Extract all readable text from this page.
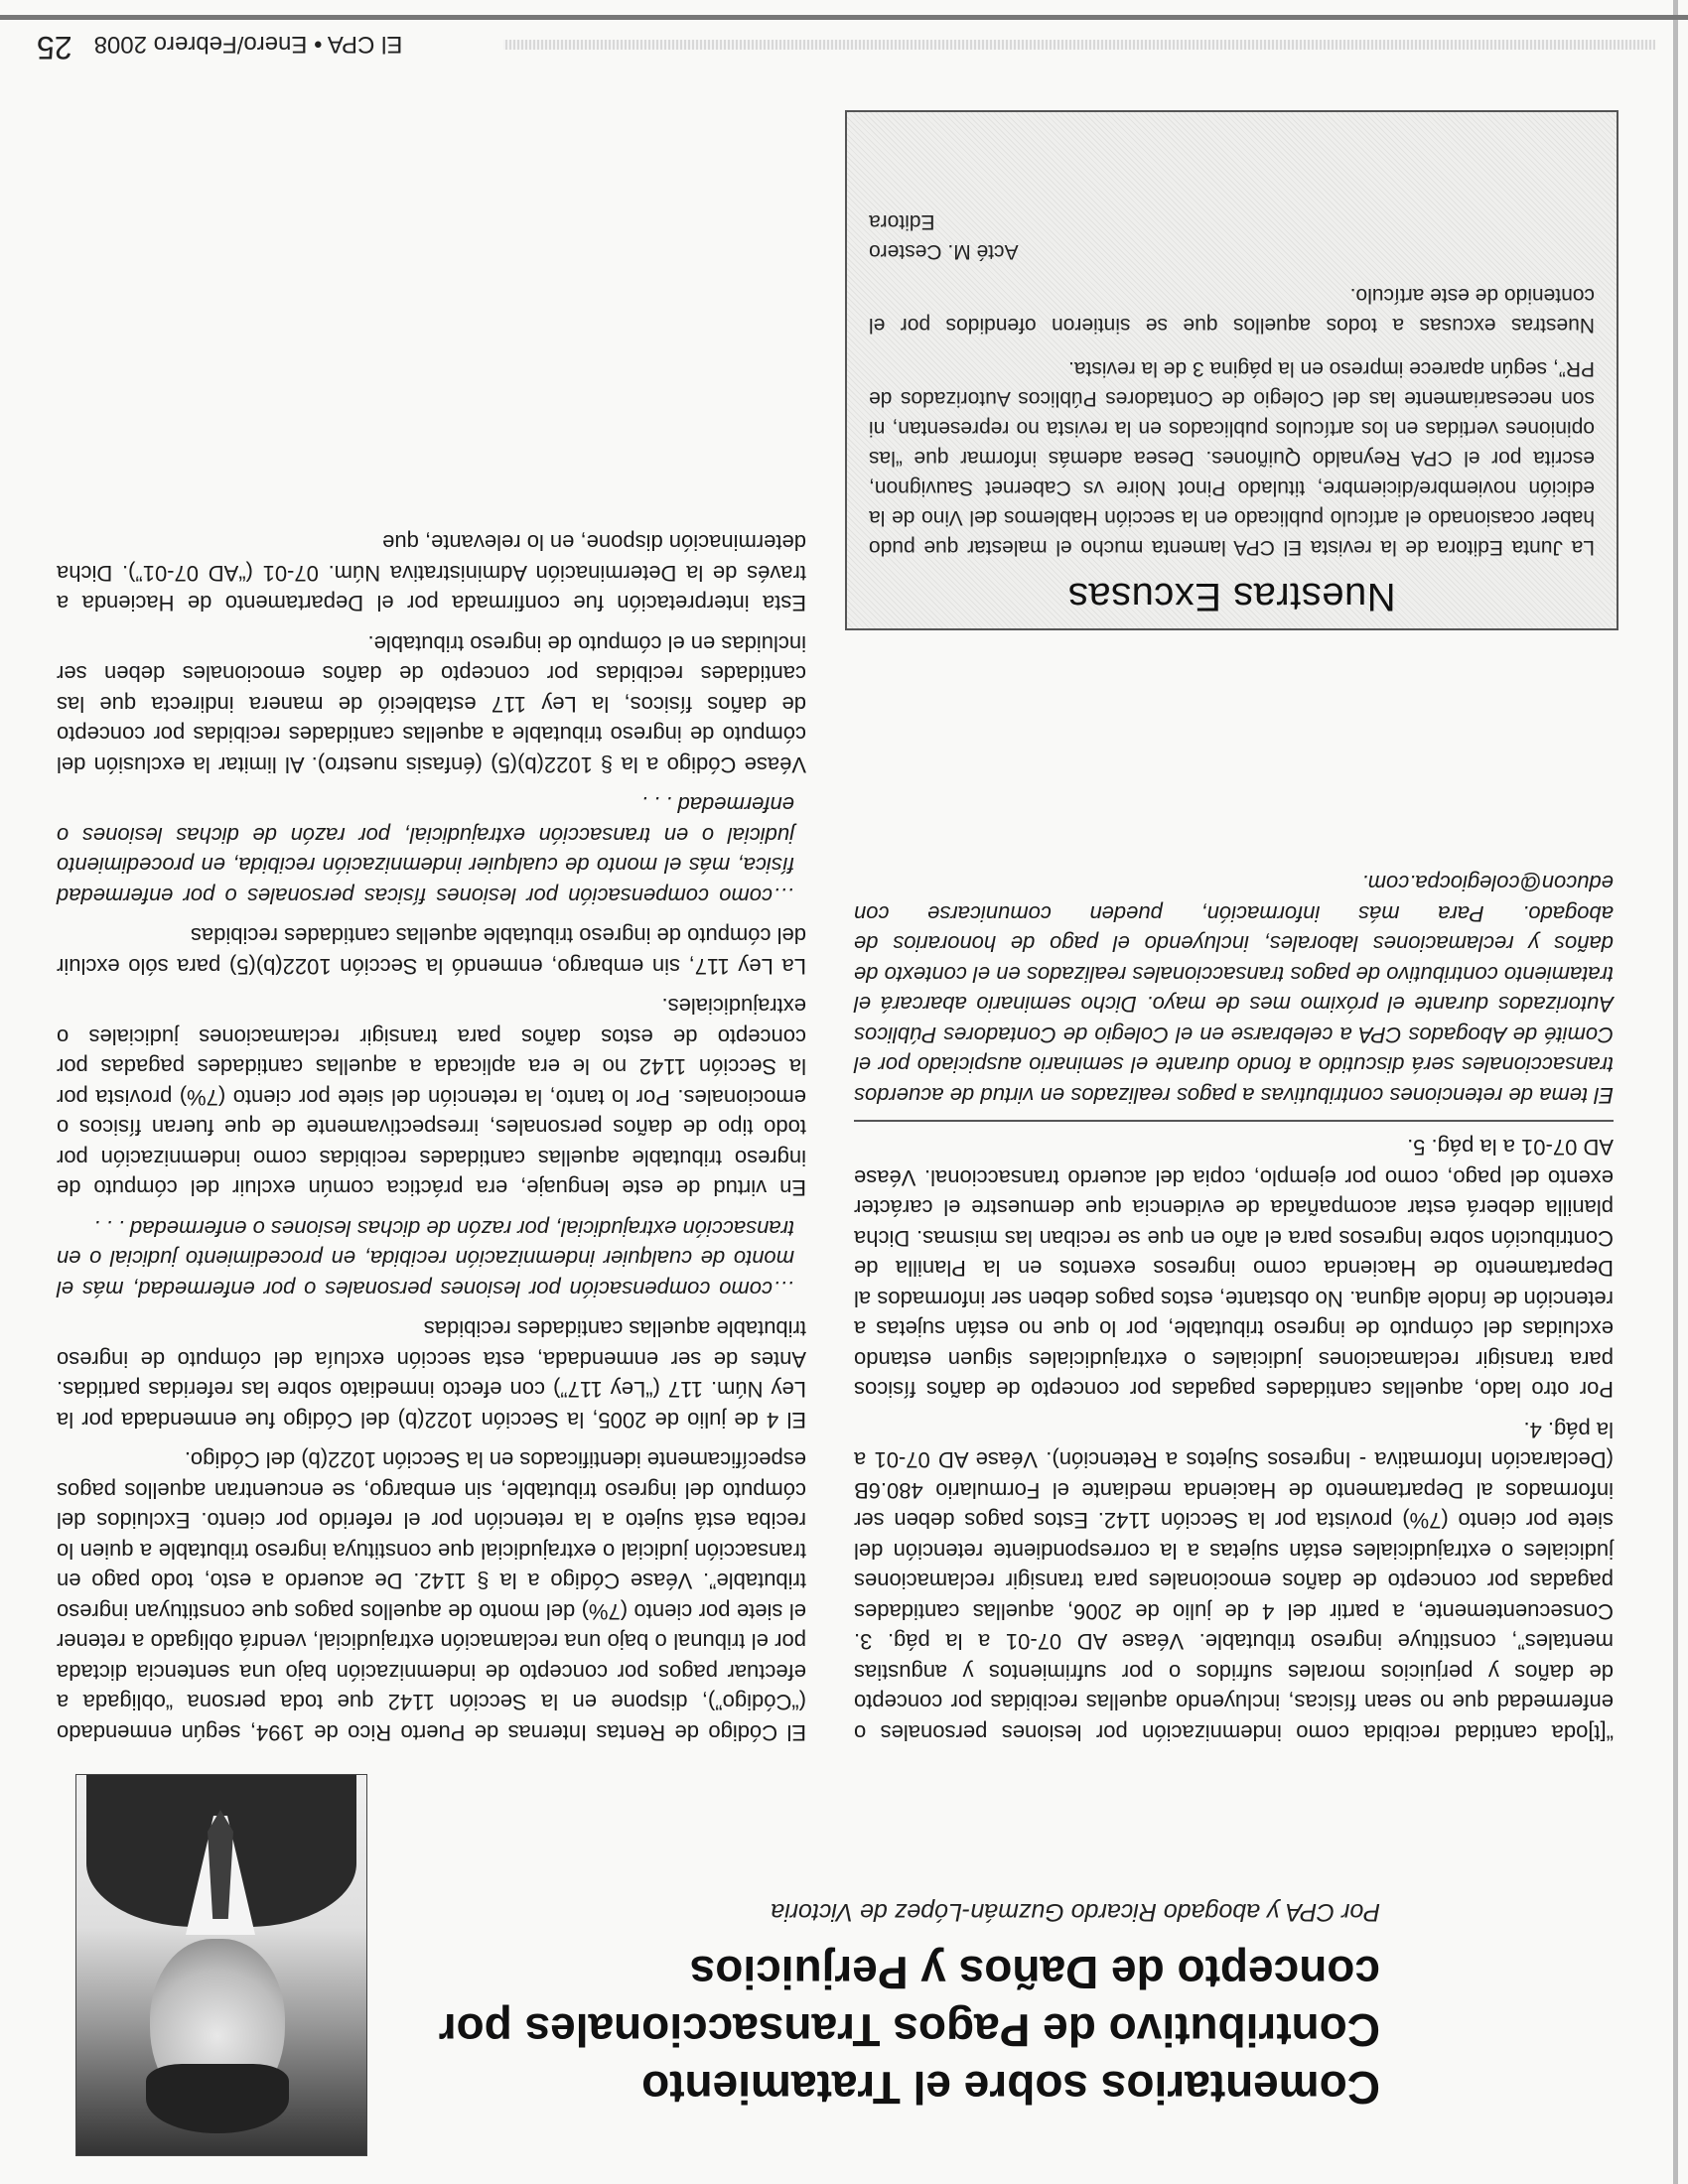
Comentarios sobre el Tratamiento Contributivo de Pagos Transaccionales por concepto de Daños y Perjuicios
Por CPA y abogado Ricardo Guzmán-López de Victoria

El Código de Rentas Internas de Puerto Rico de 1994, según enmendado (“Código”), dispone en la Sección 1142 que toda persona “obligada a efectuar pagos por concepto de indemnización bajo una sentencia dictada por el tribunal o bajo una reclamación extrajudicial, vendrá obligado a retener el siete por ciento (7%) del monto de aquellos pagos que constituyan ingreso tributable”. Véase Código a la § 1142. De acuerdo a esto, todo pago en transacción judicial o extrajudicial que constituya ingreso tributable a quien lo reciba está sujeto a la retención por el referido por ciento. Excluidos del cómputo del ingreso tributable, sin embargo, se encuentran aquellos pagos específicamente identificados en la Sección 1022(b) del Código.

El 4 de julio de 2005, la Sección 1022(b) del Código fue enmendada por la Ley Núm. 117 (“Ley 117”) con efecto inmediato sobre las referidas partidas. Antes de ser enmendada, esta sección excluía del cómputo de ingreso tributable aquellas cantidades recibidas

…como compensación por lesiones personales o por enfermedad, más el monto de cualquier indemnización recibida, en procedimiento judicial o en transacción extrajudicial, por razón de dichas lesiones o enfermedad . . .

En virtud de este lenguaje, era práctica común excluir del cómputo de ingreso tributable aquellas cantidades recibidas como indemnización por todo tipo de daños personales, irrespectivamente de que fueran físicos o emocionales. Por lo tanto, la retención del siete por ciento (7%) provista por la Sección 1142 no le era aplicada a aquellas cantidades pagadas por concepto de estos daños para transigir reclamaciones judiciales o extrajudiciales.

La Ley 117, sin embargo, enmendó la Sección 1022(b)(5) para sólo excluir del cómputo de ingreso tributable aquellas cantidades recibidas

…como compensación por lesiones físicas personales o por enfermedad física, más el monto de cualquier indemnización recibida, en procedimiento judicial o en transacción extrajudicial, por razón de dichas lesiones o enfermedad . . .

Véase Código a la § 1022(b)(5) (énfasis nuestro). Al limitar la exclusión del cómputo de ingreso tributable a aquellas cantidades recibidas por concepto de daños físicos, la Ley 117 estableció de manera indirecta que las cantidades recibidas por concepto de daños emocionales deben ser incluidas en el cómputo de ingreso tributable.

Esta interpretación fue confirmada por el Departamento de Hacienda a través de la Determinación Administrativa Núm. 07-01 (“AD 07-01”). Dicha determinación dispone, en lo relevante, que

“[t]oda cantidad recibida como indemnización por lesiones personales o enfermedad que no sean físicas, incluyendo aquellas recibidas por concepto de daños y perjuicios morales sufridos o por sufrimientos y angustias mentales”, constituye ingreso tributable. Véase AD 07-01 a la pág. 3. Consecuentemente, a partir del 4 de julio de 2006, aquellas cantidades pagadas por concepto de daños emocionales para transigir reclamaciones judiciales o extrajudiciales están sujetas a la correspondiente retención del siete por ciento (7%) provista por la Sección 1142. Estos pagos deben ser informados al Departamento de Hacienda mediante el Formulario 480.6B (Declaración Informativa - Ingresos Sujetos a Retención). Véase AD 07-01 a la pág. 4.

Por otro lado, aquellas cantidades pagadas por concepto de daños físicos para transigir reclamaciones judiciales o extrajudiciales siguen estando excluidas del cómputo de ingreso tributable, por lo que no están sujetas a retención de índole alguna. No obstante, estos pagos deben ser informados al Departamento de Hacienda como ingresos exentos en la Planilla de Contribución sobre Ingresos para el año en que se reciban las mismas. Dicha planilla deberá estar acompañada de evidencia que demuestre el carácter exento del pago, como por ejemplo, copia del acuerdo transaccional. Véase AD 07-01 a la pág. 5.

El tema de retenciones contributivas a pagos realizados en virtud de acuerdos transaccionales será discutido a fondo durante el seminario auspiciado por el Comité de Abogados CPA a celebrarse en el Colegio de Contadores Públicos Autorizados durante el próximo mes de mayo. Dicho seminario abarcará el tratamiento contributivo de pagos transaccionales realizados en el contexto de daños y reclamaciones laborales, incluyendo el pago de honorarios de abogado. Para más información, pueden comunicarse con educon@colegiocpa.com.

Nuestras Excusas

La Junta Editora de la revista El CPA lamenta mucho el malestar que pudo haber ocasionado el artículo publicado en la sección Hablemos del Vino de la edición noviembre/diciembre, titulado Pinot Noire vs Cabernet Sauvignon, escrita por el CPA Reynaldo Quiñones. Desea además informar que “las opiniones vertidas en los artículos publicados en la revista no representan, ni son necesariamente las del Colegio de Contadores Públicos Autorizados de PR”, según aparece impreso en la página 3 de la revista.

Nuestras excusas a todos aquellos que se sintieron ofendidos por el contenido de este artículo.

Acté M. Cestero
Editora
El CPA • Enero/Febrero 200825
